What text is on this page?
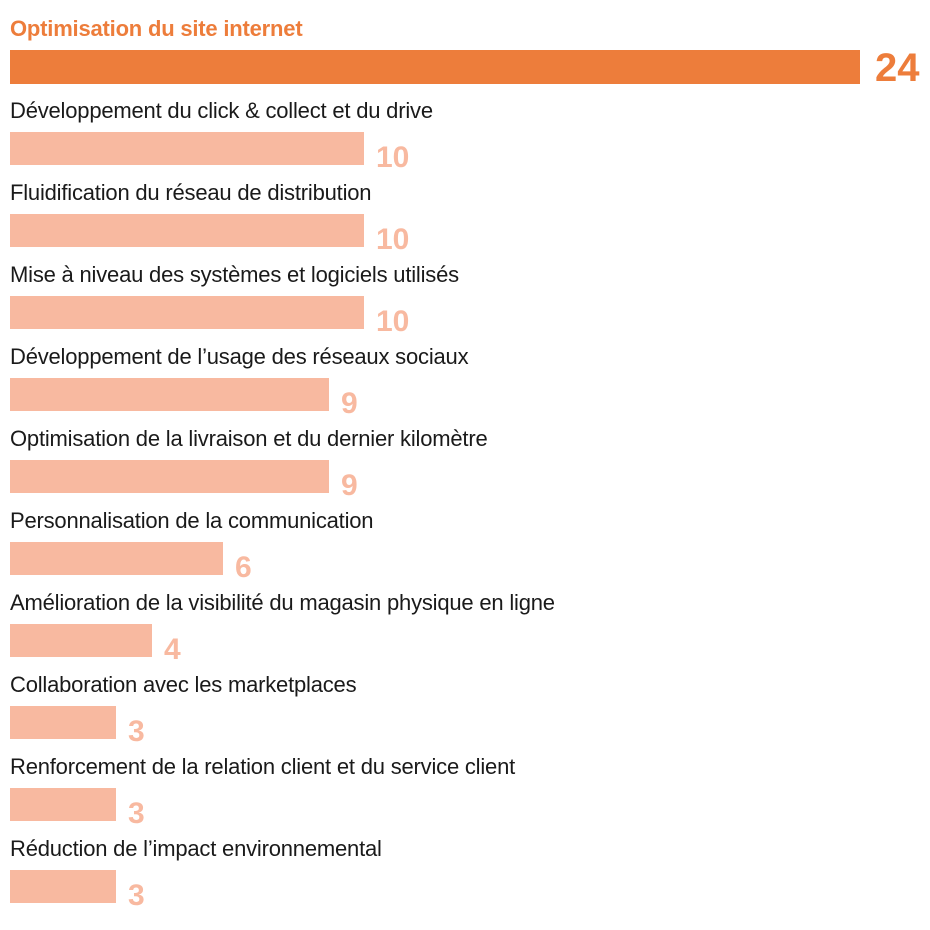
Optimisation du site internet
24
Développement du click & collect et du drive
10
Fluidification du réseau de distribution
10
Mise à niveau des systèmes et logiciels utilisés
10
Développement de l’usage des réseaux sociaux
9
Optimisation de la livraison et du dernier kilomètre
9
Personnalisation de la communication
6
Amélioration de la visibilité du magasin physique en ligne
4
Collaboration avec les marketplaces
3
Renforcement de la relation client et du service client
3
Réduction de l’impact environnemental
3
